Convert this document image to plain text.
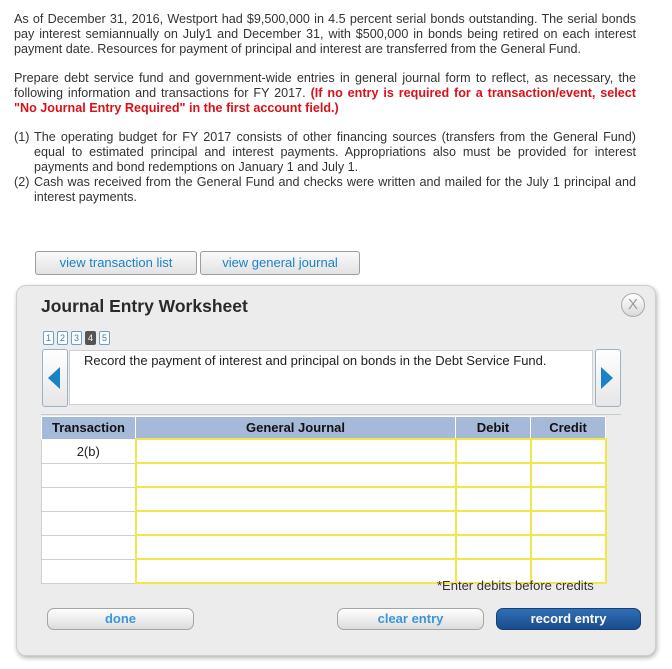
As of December 31, 2016, Westport had $9,500,000 in 4.5 percent serial bonds outstanding. The serial bonds pay interest semiannually on July1 and December 31, with $500,000 in bonds being retired on each interest payment date. Resources for payment of principal and interest are transferred from the General Fund.

Prepare debt service fund and government-wide entries in general journal form to reflect, as necessary, the following information and transactions for FY 2017. (If no entry is required for a transaction/event, select "No Journal Entry Required" in the first account field.)

(1) The operating budget for FY 2017 consists of other financing sources (transfers from the General Fund) equal to estimated principal and interest payments. Appropriations also must be provided for interest payments and bond redemptions on January 1 and July 1.
(2) Cash was received from the General Fund and checks were written and mailed for the July 1 principal and interest payments.
view transaction list	view general journal
Journal Entry Worksheet	X
1 2 3 4 5
Record the payment of interest and principal on bonds in the Debt Service Fund.
Transaction	General Journal	Debit	Credit
2(b)			

*Enter debits before credits
done	clear entry	record entry
